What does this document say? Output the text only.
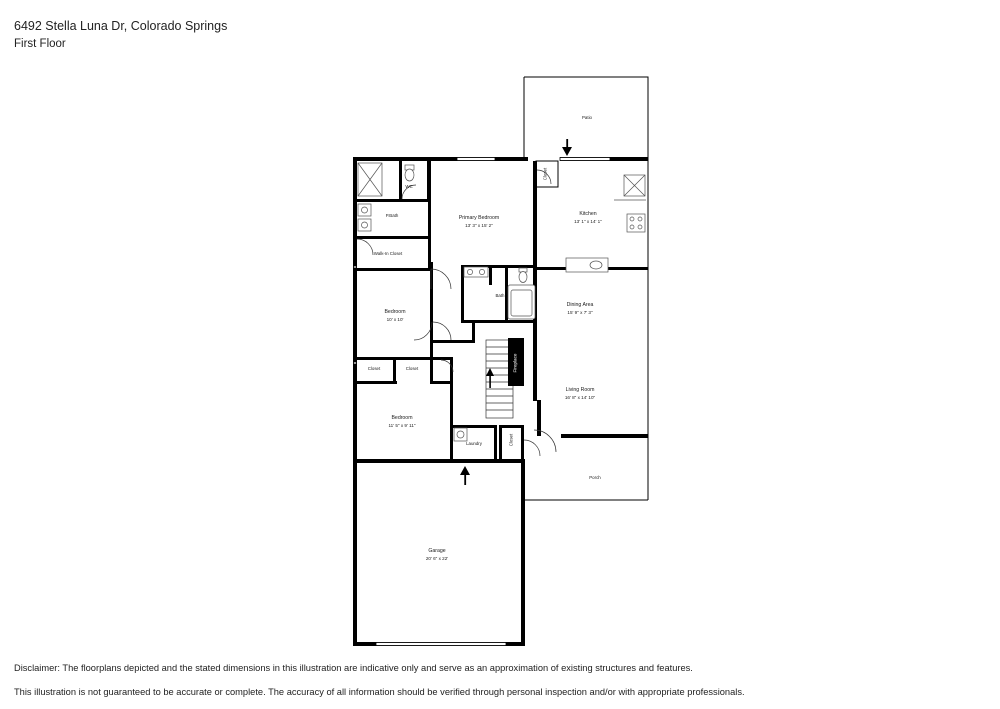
6492 Stella Luna Dr, Colorado Springs
First Floor
Fireplace
Closet
Closet
Patio
WC
P.Bath	Primary Bedroom
13' 3" x 15' 2"
Kitchen
13' 1" x 14' 1"
Walk-In Closet
Bath
Dining Area
15' 9" x 7' 3"
Bedroom
10' x 10'
Closet	Closet
Living Room
16' 8" x 14' 10"
Bedroom
11' 5" x 9' 11"
Laundry
Porch
Garage
20' 6" x 22'
Disclaimer: The floorplans depicted and the stated dimensions in this illustration are indicative only and serve as an approximation of existing structures and features.
This illustration is not guaranteed to be accurate or complete. The accuracy of all information should be verified through personal inspection and/or with appropriate professionals.
